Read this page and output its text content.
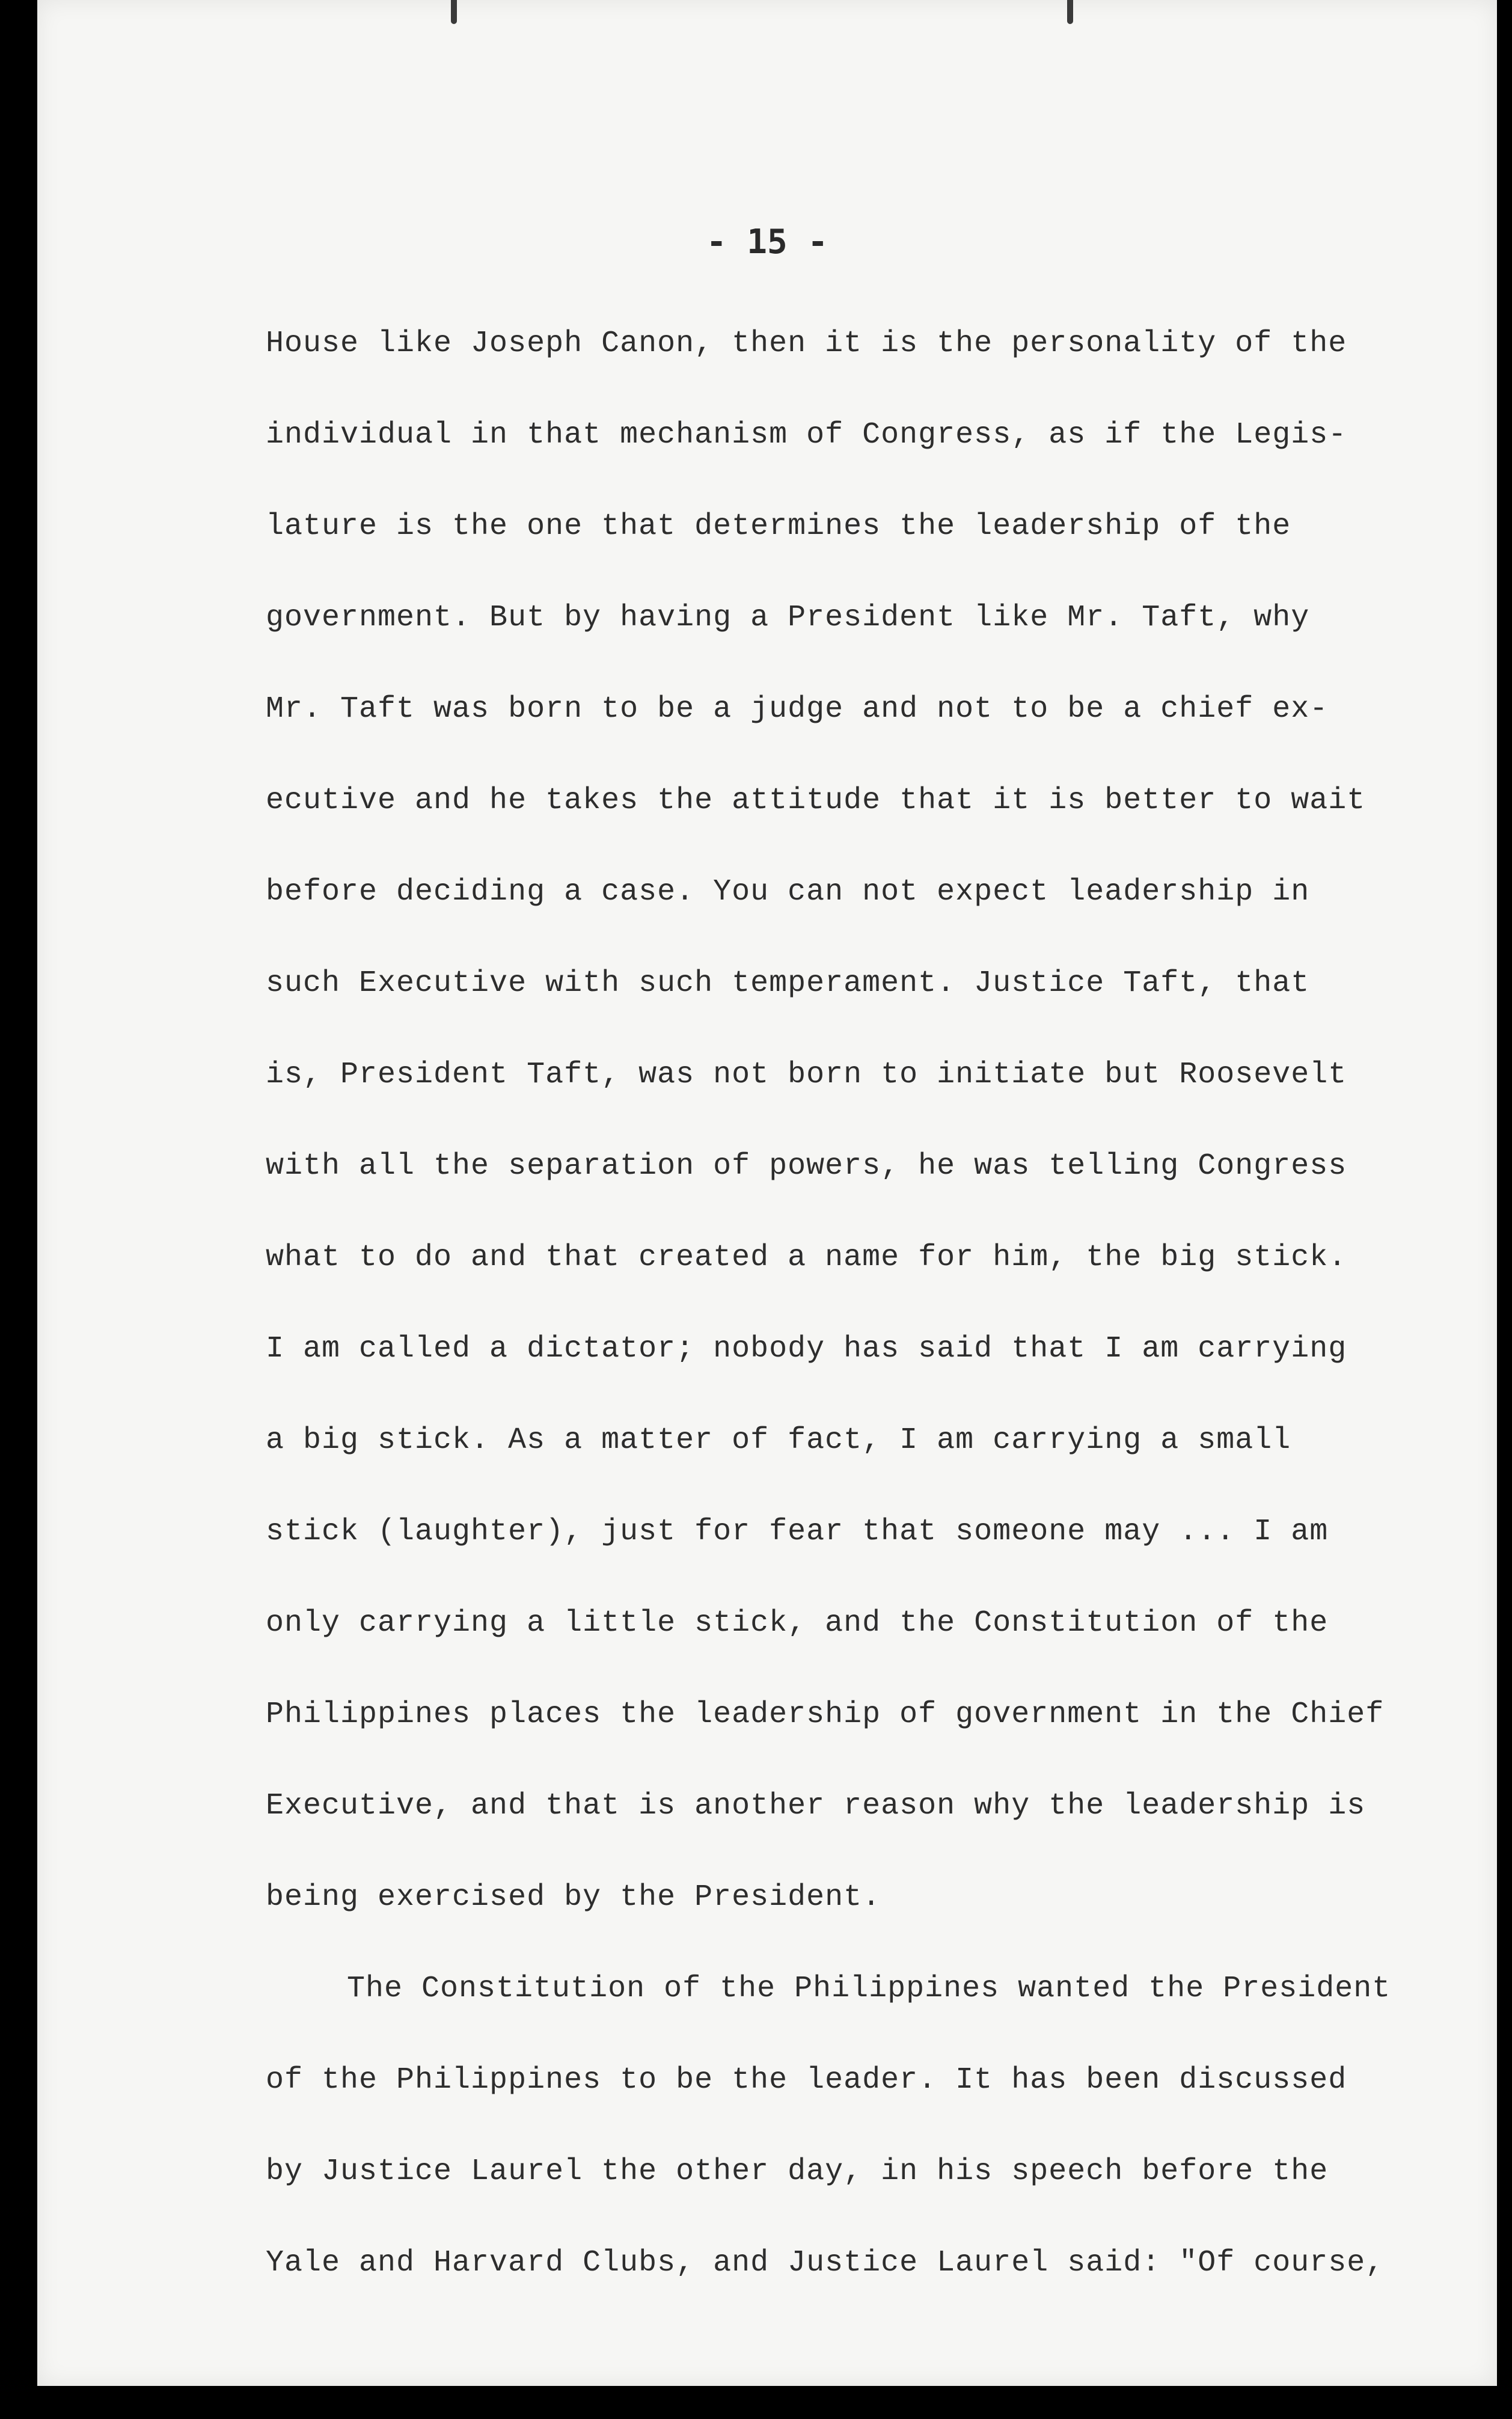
- 15 -
House like Joseph Canon, then it is the personality of the
individual in that mechanism of Congress, as if the Legis-
lature is the one that determines the leadership of the
government. But by having a President like Mr. Taft, why
Mr. Taft was born to be a judge and not to be a chief ex-
ecutive and he takes the attitude that it is better to wait
before deciding a case. You can not expect leadership in
such Executive with such temperament. Justice Taft, that
is, President Taft, was not born to initiate but Roosevelt
with all the separation of powers, he was telling Congress
what to do and that created a name for him, the big stick.
I am called a dictator; nobody has said that I am carrying
a big stick. As a matter of fact, I am carrying a small
stick (laughter), just for fear that someone may ... I am
only carrying a little stick, and the Constitution of the
Philippines places the leadership of government in the Chief
Executive, and that is another reason why the leadership is
being exercised by the President.
The Constitution of the Philippines wanted the President
of the Philippines to be the leader. It has been discussed
by Justice Laurel the other day, in his speech before the
Yale and Harvard Clubs, and Justice Laurel said: "Of course,
